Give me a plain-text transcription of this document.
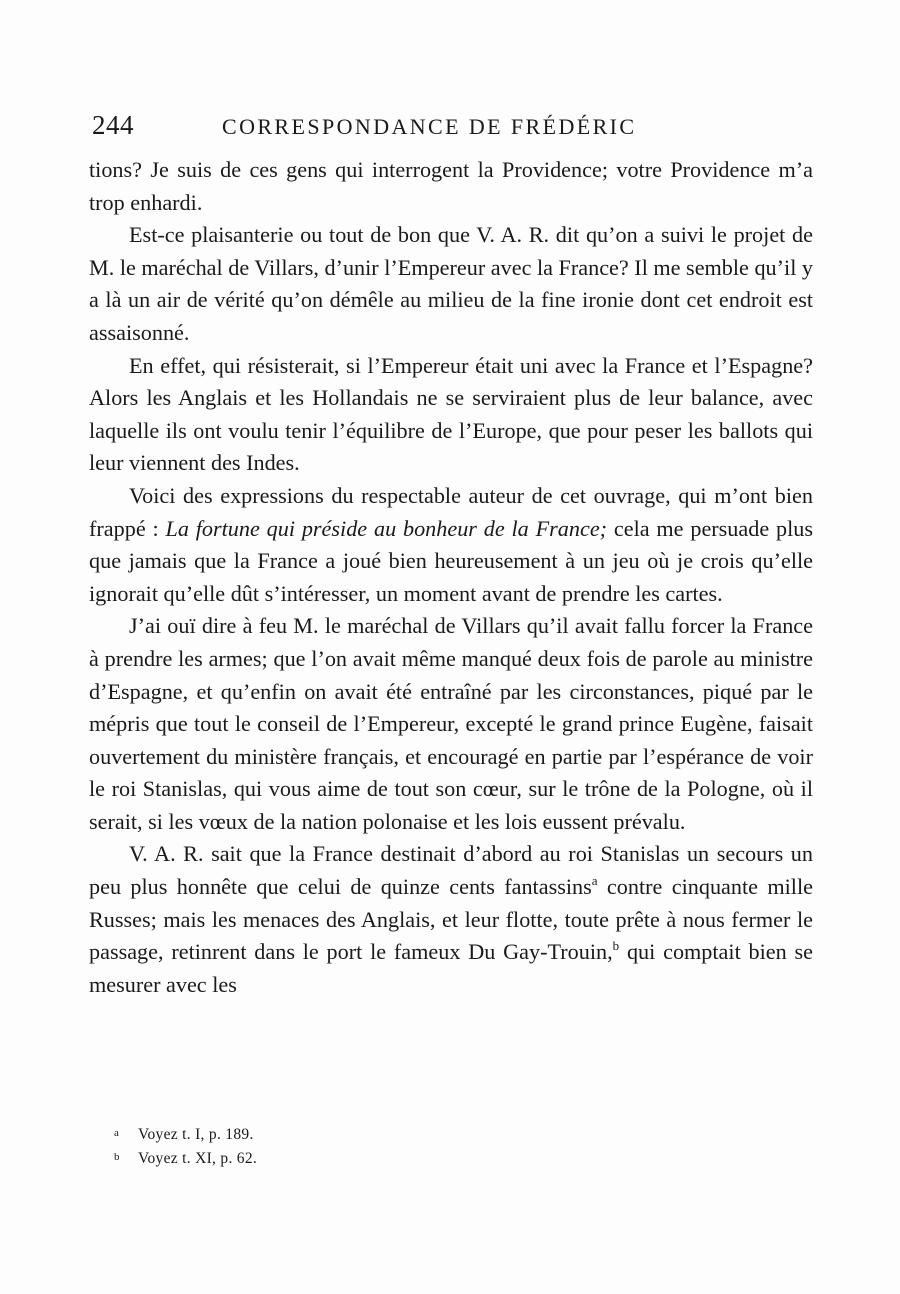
244	CORRESPONDANCE DE FRÉDÉRIC

tions? Je suis de ces gens qui interrogent la Providence; votre Providence m’a trop enhardi.

Est-ce plaisanterie ou tout de bon que V. A. R. dit qu’on a suivi le projet de M. le maréchal de Villars, d’unir l’Empereur avec la France? Il me semble qu’il y a là un air de vérité qu’on démêle au milieu de la fine ironie dont cet endroit est assaisonné.

En effet, qui résisterait, si l’Empereur était uni avec la France et l’Espagne? Alors les Anglais et les Hollandais ne se serviraient plus de leur balance, avec laquelle ils ont voulu tenir l’équilibre de l’Europe, que pour peser les ballots qui leur viennent des Indes.

Voici des expressions du respectable auteur de cet ouvrage, qui m’ont bien frappé : La fortune qui préside au bonheur de la France; cela me persuade plus que jamais que la France a joué bien heureusement à un jeu où je crois qu’elle ignorait qu’elle dût s’intéresser, un moment avant de prendre les cartes.

J’ai ouï dire à feu M. le maréchal de Villars qu’il avait fallu forcer la France à prendre les armes; que l’on avait même manqué deux fois de parole au ministre d’Espagne, et qu’enfin on avait été entraîné par les circonstances, piqué par le mépris que tout le conseil de l’Empereur, excepté le grand prince Eugène, faisait ouvertement du ministère français, et encouragé en partie par l’espérance de voir le roi Stanislas, qui vous aime de tout son cœur, sur le trône de la Pologne, où il serait, si les vœux de la nation polonaise et les lois eussent prévalu.

V. A. R. sait que la France destinait d’abord au roi Stanislas un secours un peu plus honnête que celui de quinze cents fantassins$^a$ contre cinquante mille Russes; mais les menaces des Anglais, et leur flotte, toute prête à nous fermer le passage, retinrent dans le port le fameux Du Gay-Trouin,$^b$ qui comptait bien se mesurer avec les

a Voyez t. I, p. 189.
b Voyez t. XI, p. 62.
